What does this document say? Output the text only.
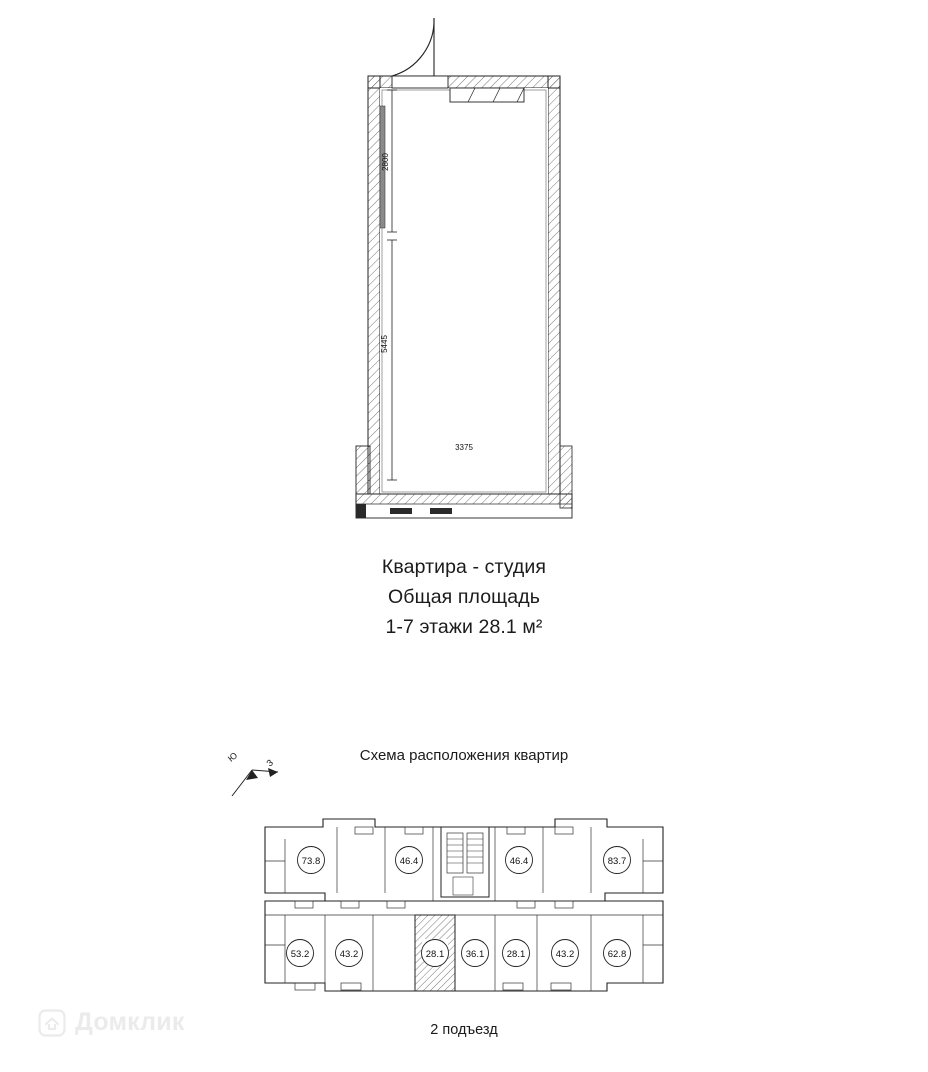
2800
5445
3375
Квартира - студия
Общая площадь
1-7 этажи 28.1 м²
Схема расположения квартир
Ю	З
73.8	46.4	46.4	83.7
53.2	43.2	28.1 36.1 28.1	43.2	62.8
2 подъезд
Домклик
